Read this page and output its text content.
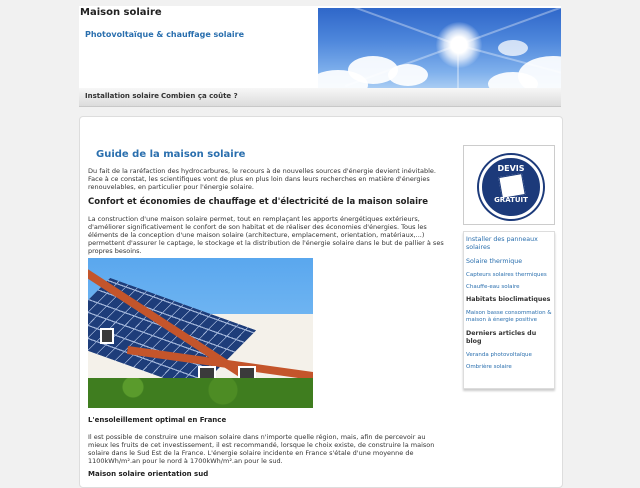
Maison solaire
Photovoltaïque & chauffage solaire
Installation solaire Combien ça coûte ?
Guide de la maison solaire
Du fait de la raréfaction des hydrocarbures, le recours à de nouvelles sources d'énergie devient inévitable. Face à ce constat, les scientifiques vont de plus en plus loin dans leurs recherches en matière d'énergies renouvelables, en particulier pour l'énergie solaire.
Confort et économies de chauffage et d'électricité de la maison solaire
La construction d'une maison solaire permet, tout en remplaçant les apports énergétiques extérieurs, d'améliorer significativement le confort de son habitat et de réaliser des économies d'énergies. Tous les éléments de la conception d'une maison solaire (architecture, emplacement, orientation, matériaux,...) permettent d'assurer le captage, le stockage et la distribution de l'énergie solaire dans le but de pallier à ses propres besoins.
L'ensoleillement optimal en France
Il est possible de construire une maison solaire dans n'importe quelle région, mais, afin de percevoir au mieux les fruits de cet investissement, il est recommandé, lorsque le choix existe, de construire la maison solaire dans le Sud Est de la France. L'énergie solaire incidente en France s'étale d'une moyenne de 1100kWh/m².an pour le nord à 1700kWh/m².an pour le sud.
Maison solaire orientation sud
DEVIS
GRATUIT
Installer des panneaux solaires
Solaire thermique
Capteurs solaires thermiques
Chauffe-eau solaire
Habitats bioclimatiques
Maison basse consommation & maison à énergie positive
Derniers articles du blog
Veranda photovoltaïque
Ombrière solaire
